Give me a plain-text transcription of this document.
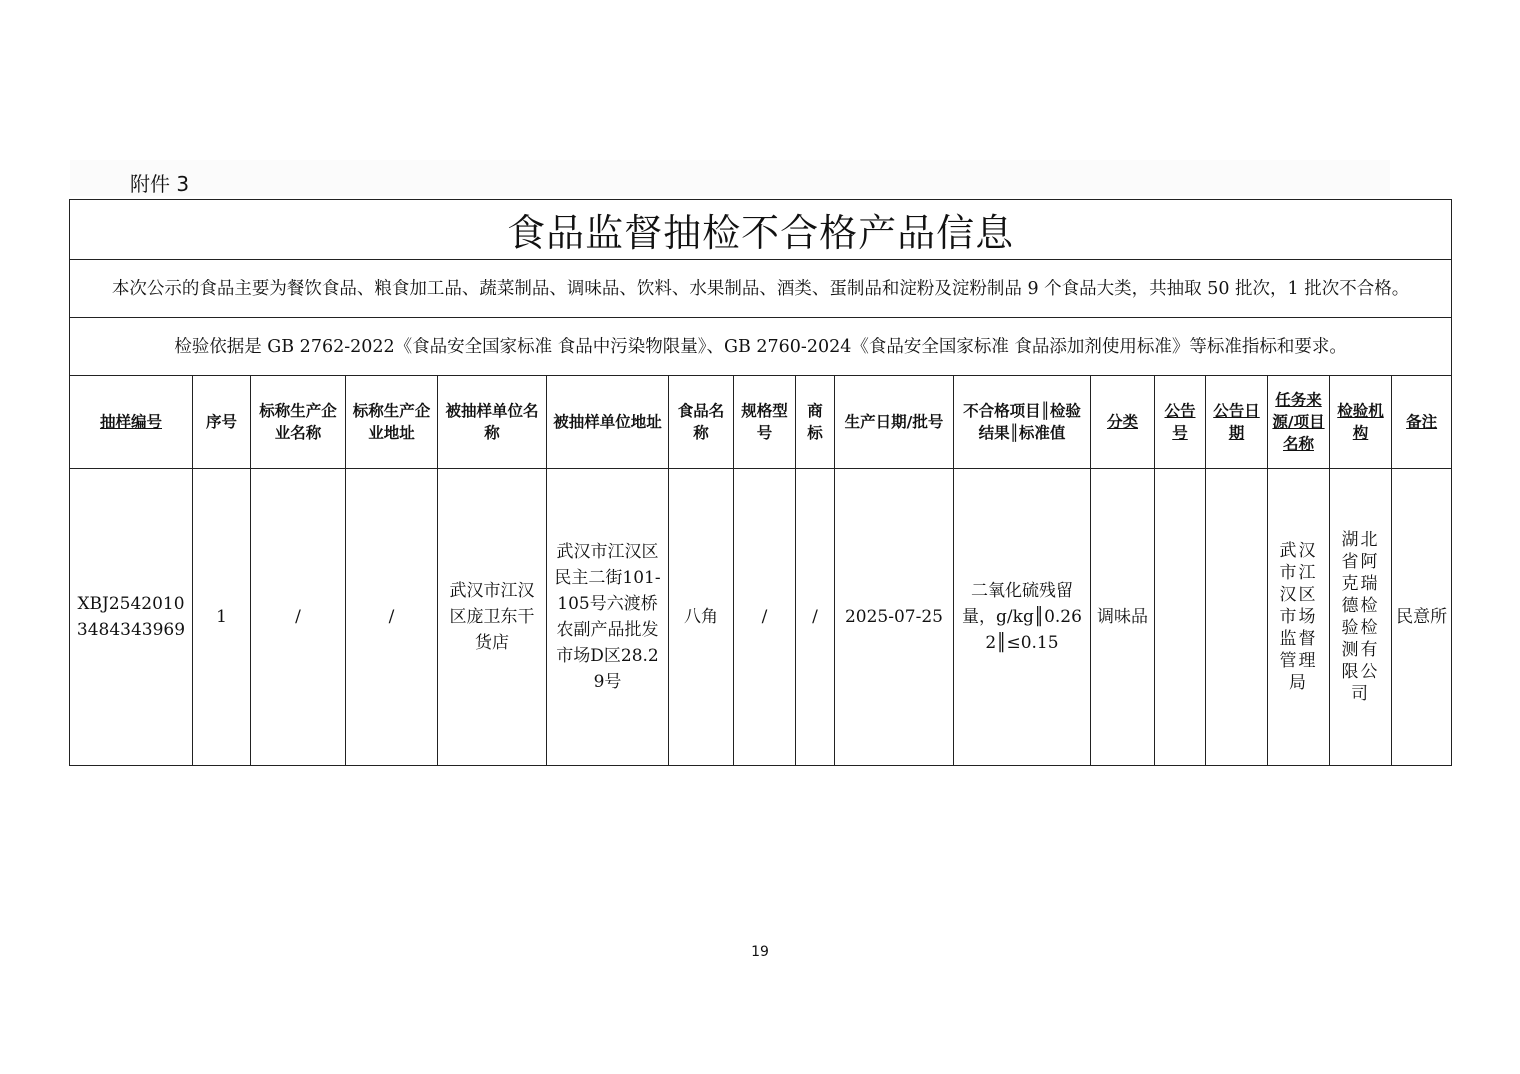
附件 3
食品监督抽检不合格产品信息																
本次公示的食品主要为餐饮食品、粮食加工品、蔬菜制品、调味品、饮料、水果制品、酒类、蛋制品和淀粉及淀粉制品 9 个食品大类，共抽取 50 批次，1 批次不合格。																
检验依据是 GB 2762-2022《食品安全国家标准 食品中污染物限量》、GB 2760-2024《食品安全国家标准 食品添加剂使用标准》等标准指标和要求。																
抽样编号	序号	标称生产企业名称	标称生产企业地址	被抽样单位名称	被抽样单位地址	食品名称	规格型号	商标	生产日期/批号	不合格项目║检验结果║标准值	分类	公告号	公告日期	任务来源/项目名称	检验机构	备注
XBJ25420103484343969	1	/	/	武汉市江汉区庞卫东干货店	武汉市江汉区民主二街101-105号六渡桥农副产品批发市场D区28.29号	八角	/	/	2025-07-25	二氧化硫残留量，g/kg║0.262║≤0.15	调味品			武汉市江汉区市场监督管理局	湖北省阿克瑞德检验检测有限公司	民意所
19
